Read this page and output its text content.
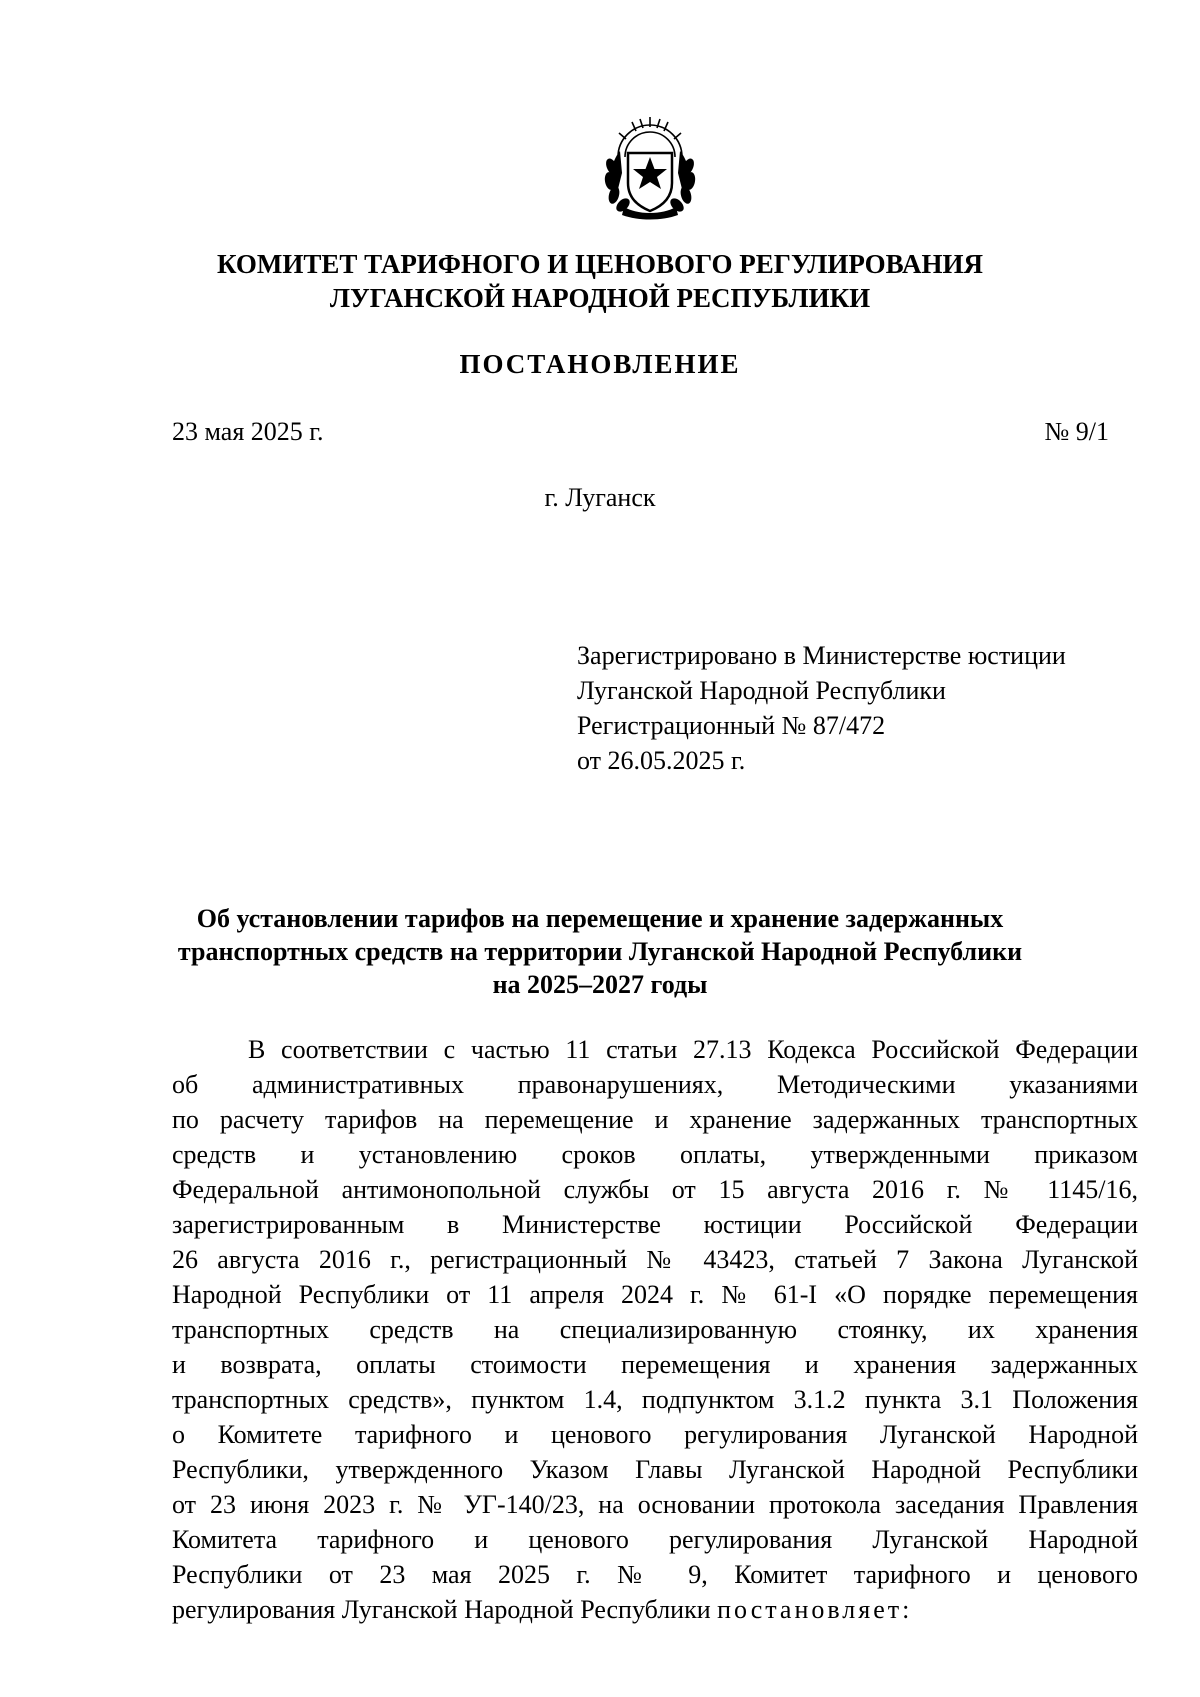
КОМИТЕТ ТАРИФНОГО И ЦЕНОВОГО РЕГУЛИРОВАНИЯ
ЛУГАНСКОЙ НАРОДНОЙ РЕСПУБЛИКИ
ПОСТАНОВЛЕНИЕ
23 мая 2025 г.	№ 9/1
г. Луганск
Зарегистрировано в Министерстве юстиции
Луганской Народной Республики
Регистрационный № 87/472
от 26.05.2025 г.
Об установлении тарифов на перемещение и хранение задержанных
транспортных средств на территории Луганской Народной Республики
на 2025–2027 годы
В соответствии с частью 11 статьи 27.13 Кодекса Российской Федерации
об административных правонарушениях, Методическими указаниями
по расчету тарифов на перемещение и хранение задержанных транспортных
средств и установлению сроков оплаты, утвержденными приказом
Федеральной антимонопольной службы от 15 августа 2016 г. № 1145/16,
зарегистрированным в Министерстве юстиции Российской Федерации
26 августа 2016 г., регистрационный № 43423, статьей 7 Закона Луганской
Народной Республики от 11 апреля 2024 г. № 61-I «О порядке перемещения
транспортных средств на специализированную стоянку, их хранения
и возврата, оплаты стоимости перемещения и хранения задержанных
транспортных средств», пунктом 1.4, подпунктом 3.1.2 пункта 3.1 Положения
о Комитете тарифного и ценового регулирования Луганской Народной
Республики, утвержденного Указом Главы Луганской Народной Республики
от 23 июня 2023 г. № УГ-140/23, на основании протокола заседания Правления
Комитета тарифного и ценового регулирования Луганской Народной
Республики от 23 мая 2025 г. № 9, Комитет тарифного и ценового
регулирования Луганской Народной Республики постановляет:
